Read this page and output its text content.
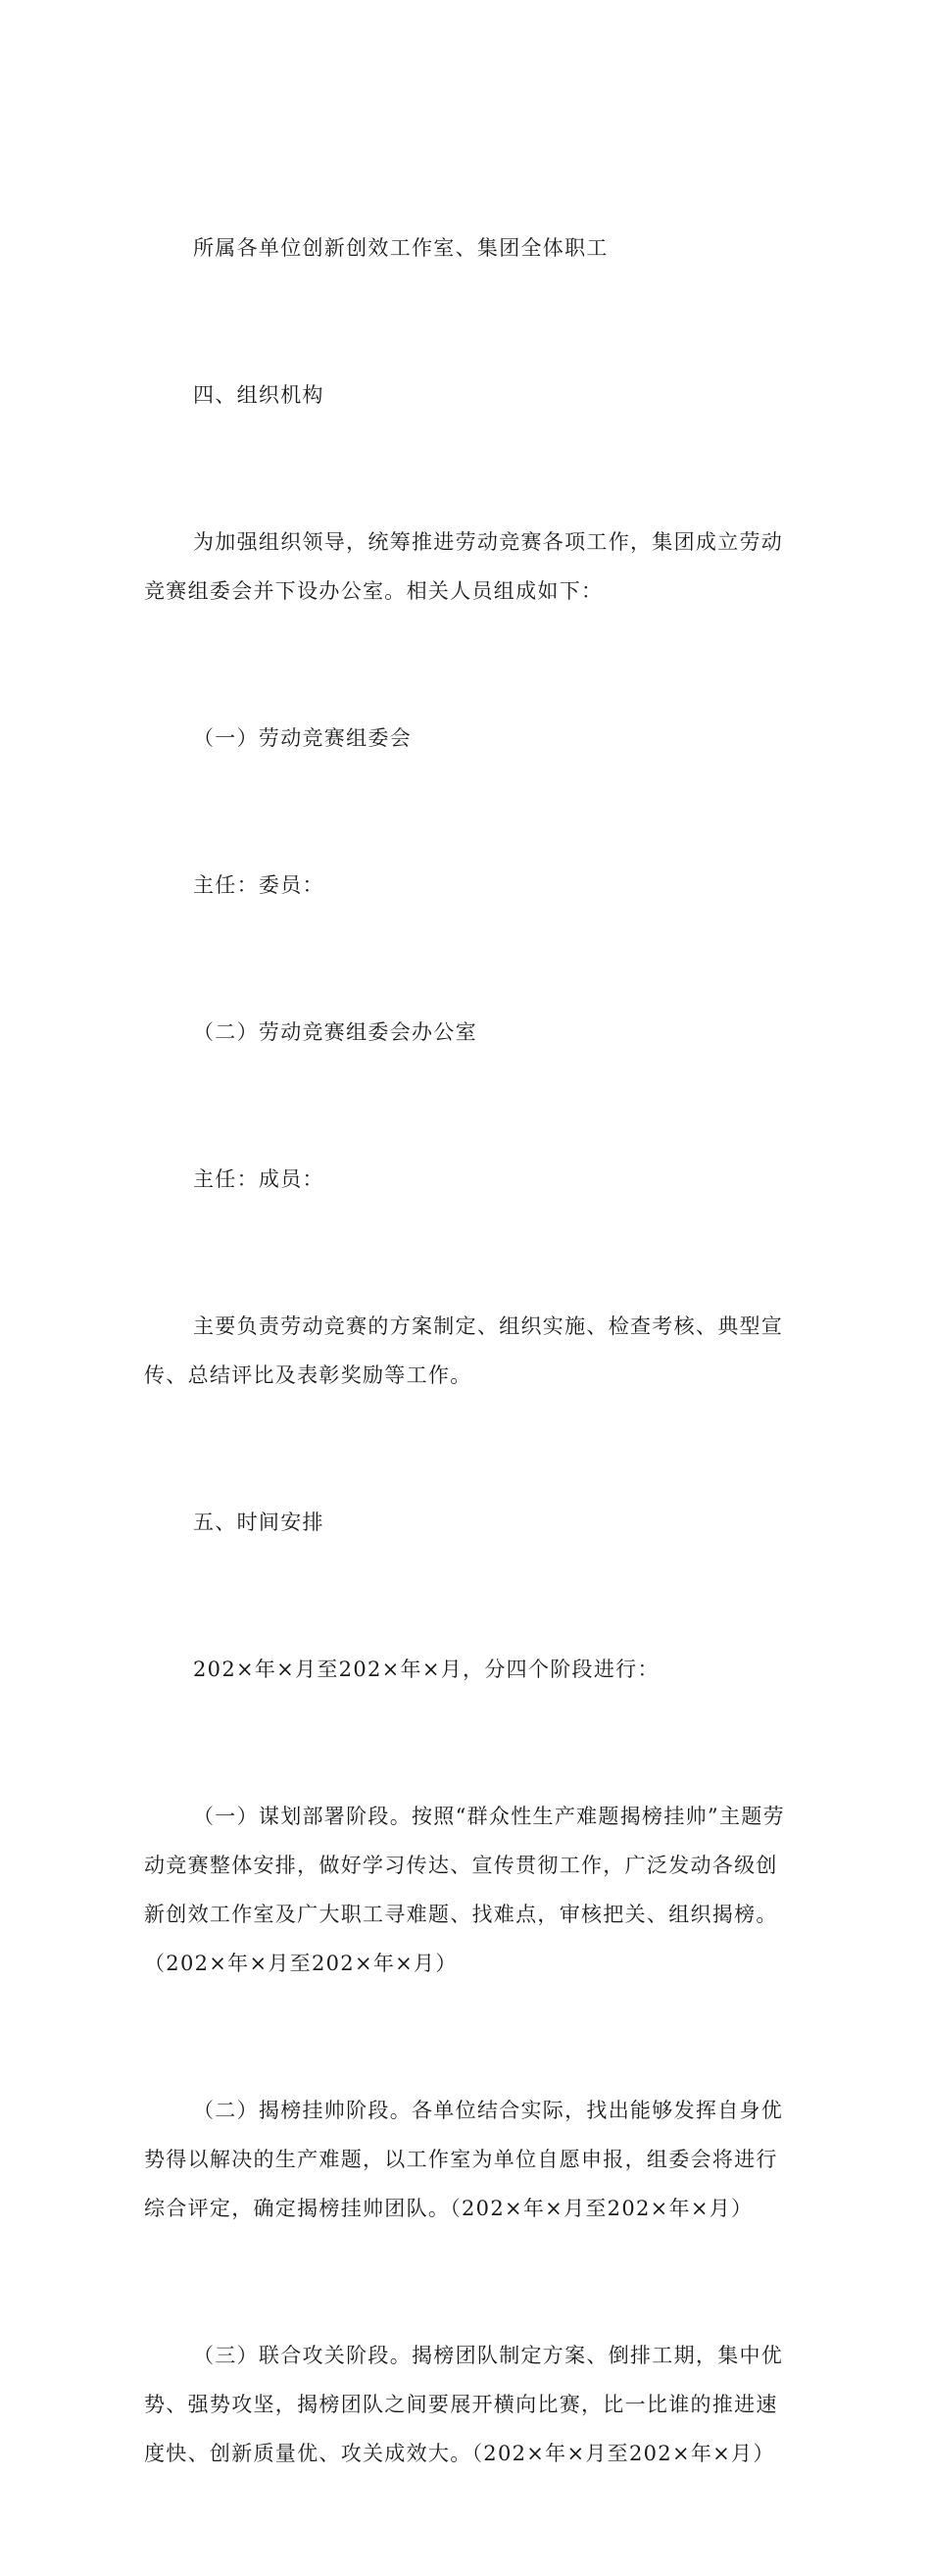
所属各单位创新创效工作室、集团全体职工

四、组织机构

为加强组织领导，统筹推进劳动竞赛各项工作，集团成立劳动竞赛组委会并下设办公室。相关人员组成如下：

（一）劳动竞赛组委会

主任：委员：

（二）劳动竞赛组委会办公室

主任：成员：

主要负责劳动竞赛的方案制定、组织实施、检查考核、典型宣传、总结评比及表彰奖励等工作。

五、时间安排

202×年×月至202×年×月，分四个阶段进行：

（一）谋划部署阶段。按照“群众性生产难题揭榜挂帅”主题劳动竞赛整体安排，做好学习传达、宣传贯彻工作，广泛发动各级创新创效工作室及广大职工寻难题、找难点，审核把关、组织揭榜。（202×年×月至202×年×月）

（二）揭榜挂帅阶段。各单位结合实际，找出能够发挥自身优势得以解决的生产难题，以工作室为单位自愿申报，组委会将进行综合评定，确定揭榜挂帅团队。（202×年×月至202×年×月）

（三）联合攻关阶段。揭榜团队制定方案、倒排工期，集中优势、强势攻坚，揭榜团队之间要展开横向比赛，比一比谁的推进速度快、创新质量优、攻关成效大。（202×年×月至202×年×月）
